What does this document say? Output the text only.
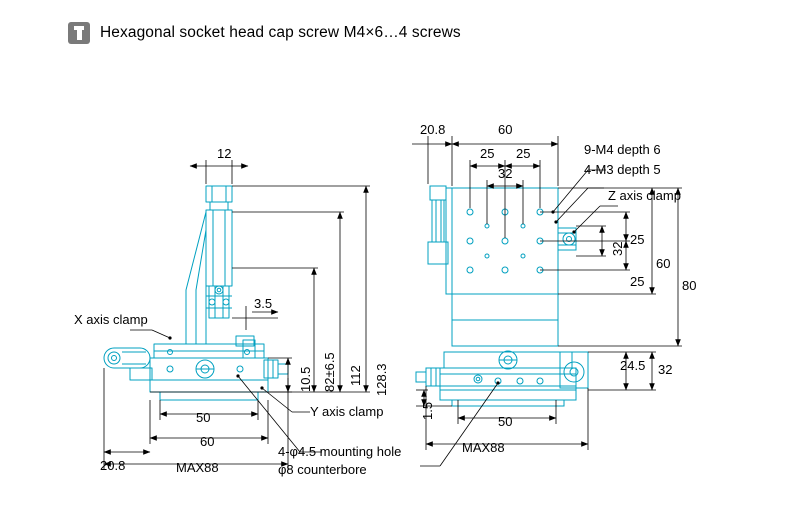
Hexagonal socket head cap screw M4×6…4 screws
12
3.5
10.5 82±6.5 112 128.3
50
60
20.8	MAX88
X axis clamp
Y axis clamp
4-φ4.5 mounting hole
φ8 counterbore
20.8	60
25 25
32
32
25
25
60
80
24.5 32
1.5
50
MAX88
9-M4 depth 6
4-M3 depth 5
Z axis clamp
